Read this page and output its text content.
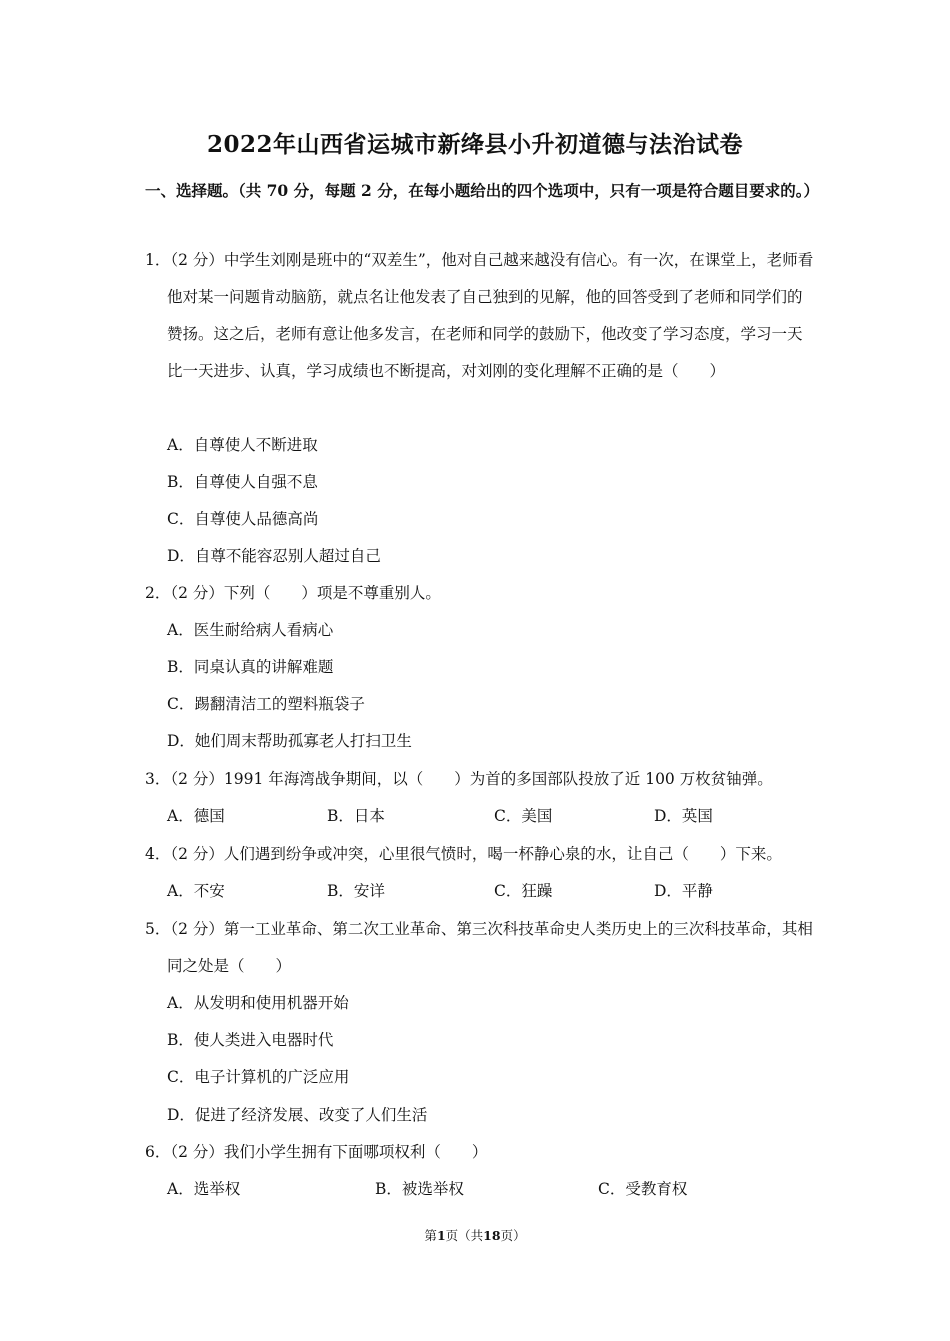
2022年山西省运城市新绛县小升初道德与法治试卷
一、选择题。（共 70 分，每题 2 分，在每小题给出的四个选项中，只有一项是符合题目要求的。）
1．（2 分）中学生刘刚是班中的“双差生”，他对自己越来越没有信心。有一次，在课堂上，老师看他对某一问题肯动脑筋，就点名让他发表了自己独到的见解，他的回答受到了老师和同学们的赞扬。这之后，老师有意让他多发言，在老师和同学的鼓励下，他改变了学习态度，学习一天比一天进步、认真，学习成绩也不断提高，对刘刚的变化理解不正确的是（　　）
A．自尊使人不断进取
B．自尊使人自强不息
C．自尊使人品德高尚
D．自尊不能容忍别人超过自己
2．（2 分）下列（　　）项是不尊重别人。
A．医生耐给病人看病心
B．同桌认真的讲解难题
C．踢翻清洁工的塑料瓶袋子
D．她们周末帮助孤寡老人打扫卫生
3．（2 分）1991 年海湾战争期间，以（　　）为首的多国部队投放了近 100 万枚贫铀弹。
A．德国	B．日本	C．美国	D．英国
4．（2 分）人们遇到纷争或冲突，心里很气愤时，喝一杯静心泉的水，让自己（　　）下来。
A．不安	B．安详	C．狂躁	D．平静
5．（2 分）第一工业革命、第二次工业革命、第三次科技革命史人类历史上的三次科技革命，其相同之处是（　　）
A．从发明和使用机器开始
B．使人类进入电器时代
C．电子计算机的广泛应用
D．促进了经济发展、改变了人们生活
6．（2 分）我们小学生拥有下面哪项权利（　　）
A．选举权	B．被选举权	C．受教育权
第1页（共18页）
